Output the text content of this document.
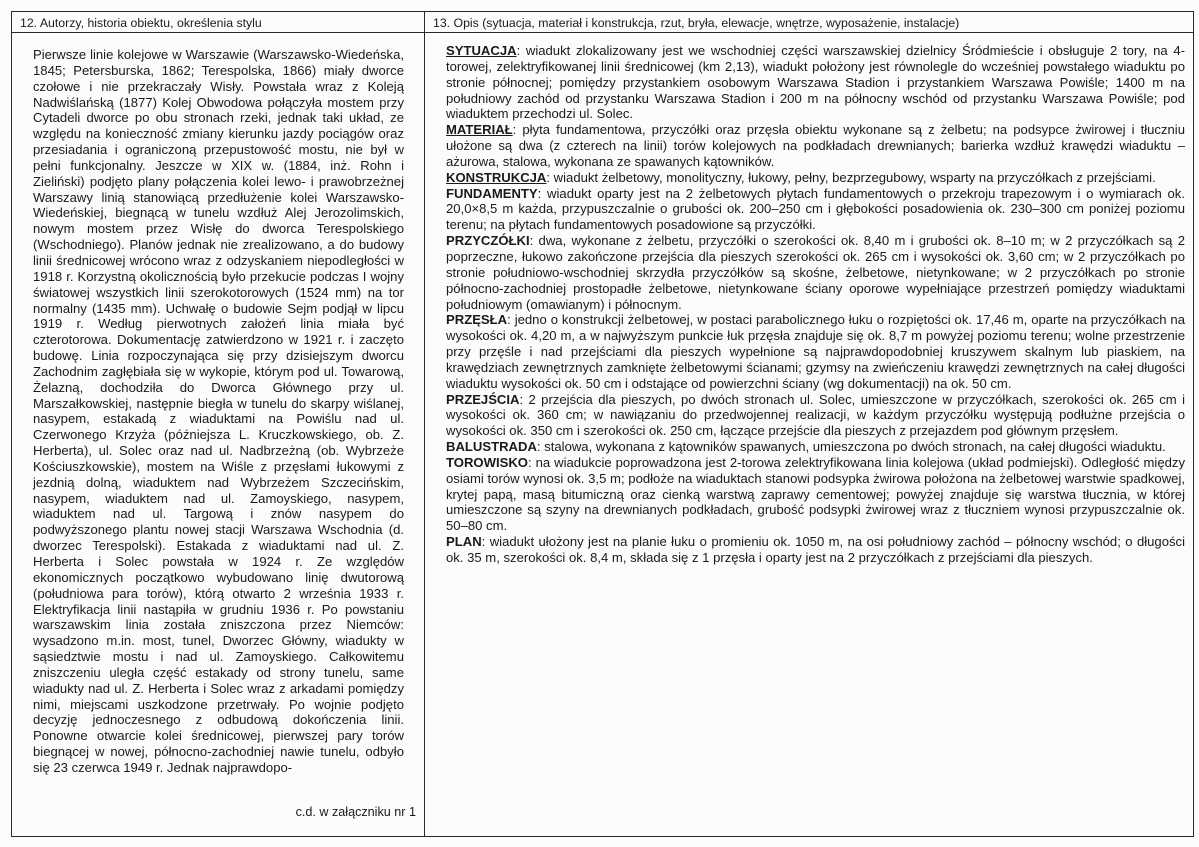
12. Autorzy, historia obiektu, określenia stylu

Pierwsze linie kolejowe w Warszawie (Warszawsko-Wiedeńska, 1845; Petersburska, 1862; Terespolska, 1866) miały dworce czołowe i nie przekraczały Wisły. Powstała wraz z Koleją Nadwiślańską (1877) Kolej Obwodowa połączyła mostem przy Cytadeli dworce po obu stronach rzeki, jednak taki układ, ze względu na konieczność zmiany kierunku jazdy pociągów oraz przesiadania i ograniczoną przepustowość mostu, nie był w pełni funkcjonalny. Jeszcze w XIX w. (1884, inż. Rohn i Zieliński) podjęto plany połączenia kolei lewo- i prawobrzeżnej Warszawy linią stanowiącą przedłużenie kolei Warszawsko-Wiedeńskiej, biegnącą w tunelu wzdłuż Alej Jerozolimskich, nowym mostem przez Wisłę do dworca Terespolskiego (Wschodniego). Planów jednak nie zrealizowano, a do budowy linii średnicowej wrócono wraz z odzyskaniem niepodległości w 1918 r. Korzystną okolicznością było przekucie podczas I wojny światowej wszystkich linii szerokotorowych (1524 mm) na tor normalny (1435 mm). Uchwałę o budowie Sejm podjął w lipcu 1919 r. Według pierwotnych założeń linia miała być czterotorowa. Dokumentację zatwierdzono w 1921 r. i zaczęto budowę. Linia rozpoczynająca się przy dzisiejszym dworcu Zachodnim zagłębiała się w wykopie, którym pod ul. Towarową, Żelazną, dochodziła do Dworca Głównego przy ul. Marszałkowskiej, następnie biegła w tunelu do skarpy wiślanej, nasypem, estakadą z wiaduktami na Powiślu nad ul. Czerwonego Krzyża (późniejsza L. Kruczkowskiego, ob. Z. Herberta), ul. Solec oraz nad ul. Nadbrzeżną (ob. Wybrzeże Kościuszkowskie), mostem na Wiśle z przęsłami łukowymi z jezdnią dolną, wiaduktem nad Wybrzeżem Szczecińskim, nasypem, wiaduktem nad ul. Zamoyskiego, nasypem, wiaduktem nad ul. Targową i znów nasypem do podwyższonego plantu nowej stacji Warszawa Wschodnia (d. dworzec Terespolski). Estakada z wiaduktami nad ul. Z. Herberta i Solec powstała w 1924 r. Ze względów ekonomicznych początkowo wybudowano linię dwutorową (południowa para torów), którą otwarto 2 września 1933 r. Elektryfikacja linii nastąpiła w grudniu 1936 r. Po powstaniu warszawskim linia została zniszczona przez Niemców: wysadzono m.in. most, tunel, Dworzec Główny, wiadukty w sąsiedztwie mostu i nad ul. Zamoyskiego. Całkowitemu zniszczeniu uległa część estakady od strony tunelu, same wiadukty nad ul. Z. Herberta i Solec wraz z arkadami pomiędzy nimi, miejscami uszkodzone przetrwały. Po wojnie podjęto decyzję jednoczesnego z odbudową dokończenia linii. Ponowne otwarcie kolei średnicowej, pierwszej pary torów biegnącej w nowej, północno-zachodniej nawie tunelu, odbyło się 23 czerwca 1949 r. Jednak najprawdopo-

c.d. w załączniku nr 1
13. Opis (sytuacja, materiał i konstrukcja, rzut, bryła, elewacje, wnętrze, wyposażenie, instalacje)

SYTUACJA: wiadukt zlokalizowany jest we wschodniej części warszawskiej dzielnicy Śródmieście i obsługuje 2 tory, na 4-torowej, zelektryfikowanej linii średnicowej (km 2,13), wiadukt położony jest równolegle do wcześniej powstałego wiaduktu po stronie północnej; pomiędzy przystankiem osobowym Warszawa Stadion i przystankiem Warszawa Powiśle; 1400 m na południowy zachód od przystanku Warszawa Stadion i 200 m na północny wschód od przystanku Warszawa Powiśle; pod wiaduktem przechodzi ul. Solec.

MATERIAŁ: płyta fundamentowa, przyczółki oraz przęsła obiektu wykonane są z żelbetu; na podsypce żwirowej i tłuczniu ułożone są dwa (z czterech na linii) torów kolejowych na podkładach drewnianych; barierka wzdłuż krawędzi wiaduktu – ażurowa, stalowa, wykonana ze spawanych kątowników.

KONSTRUKCJA: wiadukt żelbetowy, monolityczny, łukowy, pełny, bezprzegubowy, wsparty na przyczółkach z przejściami.

FUNDAMENTY: wiadukt oparty jest na 2 żelbetowych płytach fundamentowych o przekroju trapezowym i o wymiarach ok. 20,0×8,5 m każda, przypuszczalnie o grubości ok. 200–250 cm i głębokości posadowienia ok. 230–300 cm poniżej poziomu terenu; na płytach fundamentowych posadowione są przyczółki.

PRZYCZÓŁKI: dwa, wykonane z żelbetu, przyczółki o szerokości ok. 8,40 m i grubości ok. 8–10 m; w 2 przyczółkach są 2 poprzeczne, łukowo zakończone przejścia dla pieszych szerokości ok. 265 cm i wysokości ok. 3,60 cm; w 2 przyczółkach po stronie południowo-wschodniej skrzydła przyczółków są skośne, żelbetowe, nietynkowane; w 2 przyczółkach po stronie północno-zachodniej prostopadłe żelbetowe, nietynkowane ściany oporowe wypełniające przestrzeń pomiędzy wiaduktami południowym (omawianym) i północnym.

PRZĘSŁA: jedno o konstrukcji żelbetowej, w postaci parabolicznego łuku o rozpiętości ok. 17,46 m, oparte na przyczółkach na wysokości ok. 4,20 m, a w najwyższym punkcie łuk przęsła znajduje się ok. 8,7 m powyżej poziomu terenu; wolne przestrzenie przy przęśle i nad przejściami dla pieszych wypełnione są najprawdopodobniej kruszywem skalnym lub piaskiem, na krawędziach zewnętrznych zamknięte żelbetowymi ścianami; gzymsy na zwieńczeniu krawędzi zewnętrznych na całej długości wiaduktu wysokości ok. 50 cm i odstające od powierzchni ściany (wg dokumentacji) na ok. 50 cm.

PRZEJŚCIA: 2 przejścia dla pieszych, po dwóch stronach ul. Solec, umieszczone w przyczółkach, szerokości ok. 265 cm i wysokości ok. 360 cm; w nawiązaniu do przedwojennej realizacji, w każdym przyczółku występują podłużne przejścia o wysokości ok. 350 cm i szerokości ok. 250 cm, łączące przejście dla pieszych z przejazdem pod głównym przęsłem.

BALUSTRADA: stalowa, wykonana z kątowników spawanych, umieszczona po dwóch stronach, na całej długości wiaduktu.

TOROWISKO: na wiadukcie poprowadzona jest 2-torowa zelektryfikowana linia kolejowa (układ podmiejski). Odległość między osiami torów wynosi ok. 3,5 m; podłoże na wiaduktach stanowi podsypka żwirowa położona na żelbetowej warstwie spadkowej, krytej papą, masą bitumiczną oraz cienką warstwą zaprawy cementowej; powyżej znajduje się warstwa tłucznia, w której umieszczone są szyny na drewnianych podkładach, grubość podsypki żwirowej wraz z tłuczniem wynosi przypuszczalnie ok. 50–80 cm.

PLAN: wiadukt ułożony jest na planie łuku o promieniu ok. 1050 m, na osi południowy zachód – północny wschód; o długości ok. 35 m, szerokości ok. 8,4 m, składa się z 1 przęsła i oparty jest na 2 przyczółkach z przejściami dla pieszych.
